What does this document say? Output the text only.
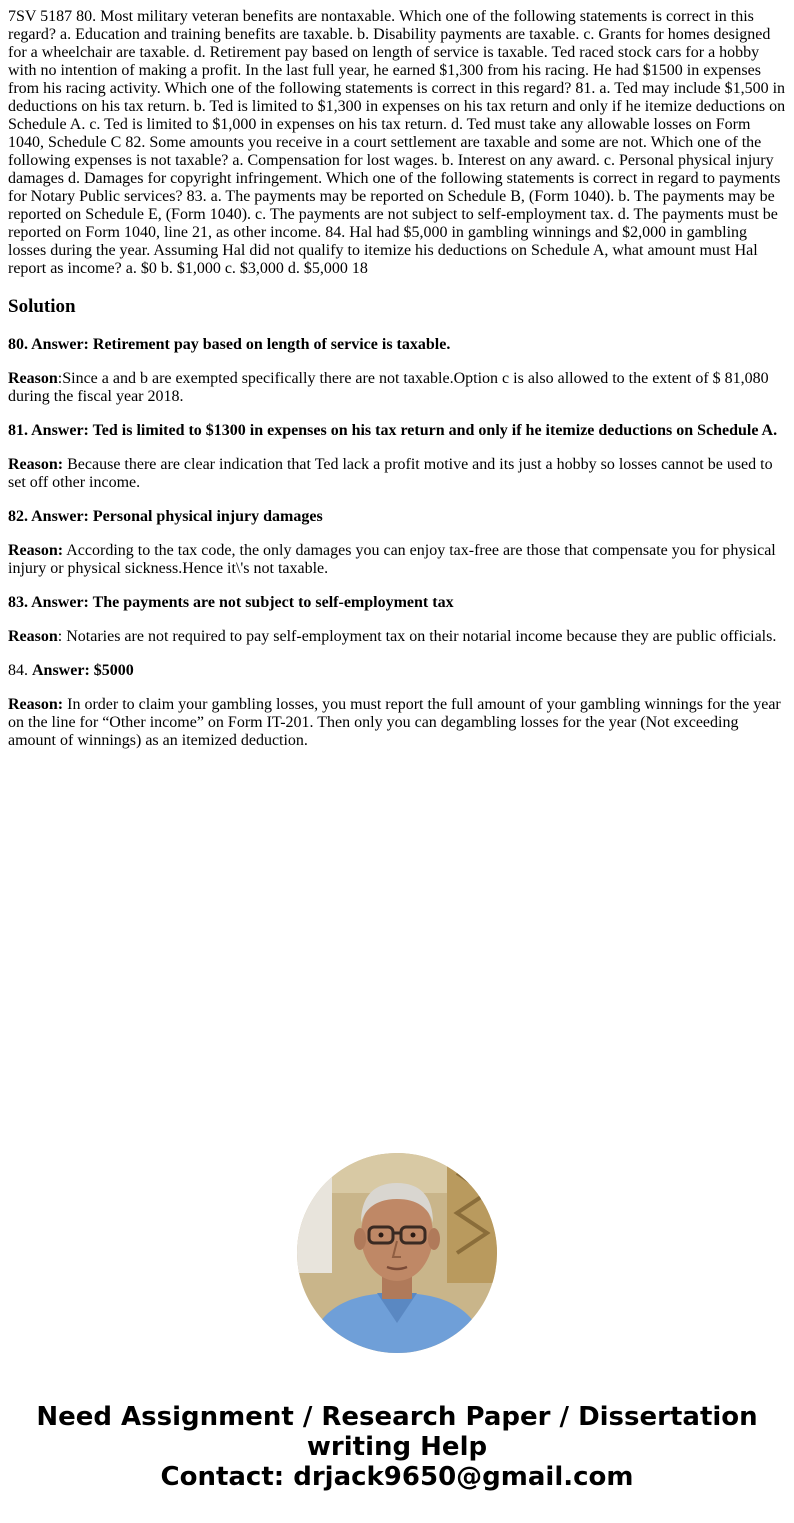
7SV 5187 80. Most military veteran benefits are nontaxable. Which one of the following statements is correct in this regard? a. Education and training benefits are taxable. b. Disability payments are taxable. c. Grants for homes designed for a wheelchair are taxable. d. Retirement pay based on length of service is taxable. Ted raced stock cars for a hobby with no intention of making a profit. In the last full year, he earned $1,300 from his racing. He had $1500 in expenses from his racing activity. Which one of the following statements is correct in this regard? 81. a. Ted may include $1,500 in deductions on his tax return. b. Ted is limited to $1,300 in expenses on his tax return and only if he itemize deductions on Schedule A. c. Ted is limited to $1,000 in expenses on his tax return. d. Ted must take any allowable losses on Form 1040, Schedule C 82. Some amounts you receive in a court settlement are taxable and some are not. Which one of the following expenses is not taxable? a. Compensation for lost wages. b. Interest on any award. c. Personal physical injury damages d. Damages for copyright infringement. Which one of the following statements is correct in regard to payments for Notary Public services? 83. a. The payments may be reported on Schedule B, (Form 1040). b. The payments may be reported on Schedule E, (Form 1040). c. The payments are not subject to self-employment tax. d. The payments must be reported on Form 1040, line 21, as other income. 84. Hal had $5,000 in gambling winnings and $2,000 in gambling losses during the year. Assuming Hal did not qualify to itemize his deductions on Schedule A, what amount must Hal report as income? a. $0 b. $1,000 c. $3,000 d. $5,000 18

Solution

80. Answer: Retirement pay based on length of service is taxable.

Reason:Since a and b are exempted specifically there are not taxable.Option c is also allowed to the extent of $ 81,080 during the fiscal year 2018.

81. Answer: Ted is limited to $1300 in expenses on his tax return and only if he itemize deductions on Schedule A.

Reason: Because there are clear indication that Ted lack a profit motive and its just a hobby so losses cannot be used to set off other income.

82. Answer: Personal physical injury damages

Reason: According to the tax code, the only damages you can enjoy tax-free are those that compensate you for physical injury or physical sickness.Hence it\'s not taxable.

83. Answer: The payments are not subject to self-employment tax

Reason: Notaries are not required to pay self-employment tax on their notarial income because they are public officials.

84. Answer: $5000

Reason: In order to claim your gambling losses, you must report the full amount of your gambling winnings for the year on the line for “Other income” on Form IT-201. Then only you can degambling losses for the year (Not exceeding amount of winnings) as an itemized deduction.

Need Assignment / Research Paper / Dissertation
writing Help
Contact: drjack9650@gmail.com
